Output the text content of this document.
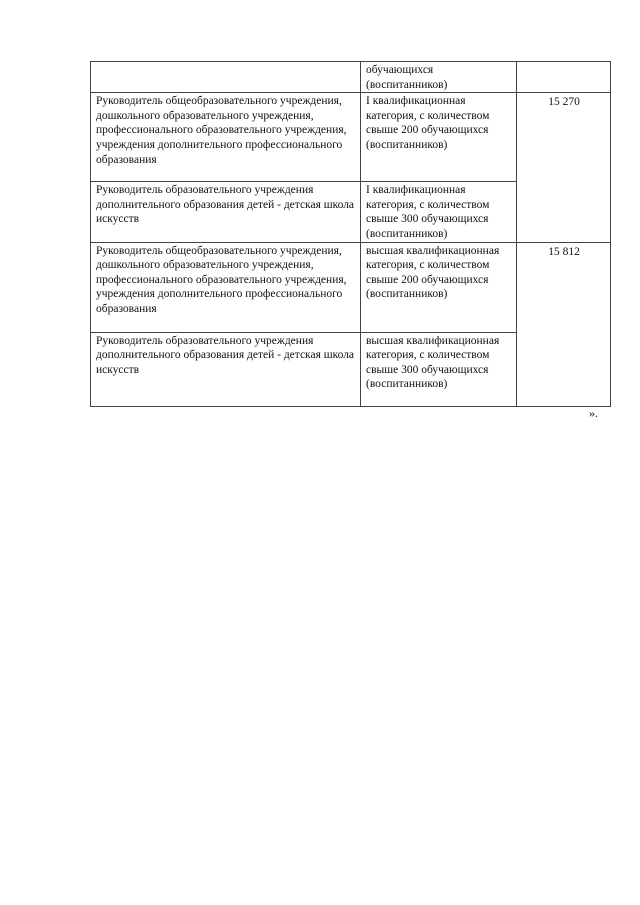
	обучающихся (воспитанников)	
Руководитель общеобразовательного учреждения, дошкольного образовательного учреждения, профессионального образовательного учреждения, учреждения дополнительного профессионального образования	I квалификационная категория, с количеством свыше 200 обучающихся (воспитанников)	15 270
Руководитель образовательного учреждения дополнительного образования детей - детская школа искусств	I квалификационная категория, с количеством свыше 300 обучающихся (воспитанников)	
Руководитель общеобразовательного учреждения, дошкольного образовательного учреждения, профессионального образовательного учреждения, учреждения дополнительного профессионального образования	высшая квалификационная категория, с количеством свыше 200 обучающихся (воспитанников)	15 812
Руководитель образовательного учреждения дополнительного образования детей - детская школа искусств	высшая квалификационная категория, с количеством свыше 300 обучающихся (воспитанников)	
».
